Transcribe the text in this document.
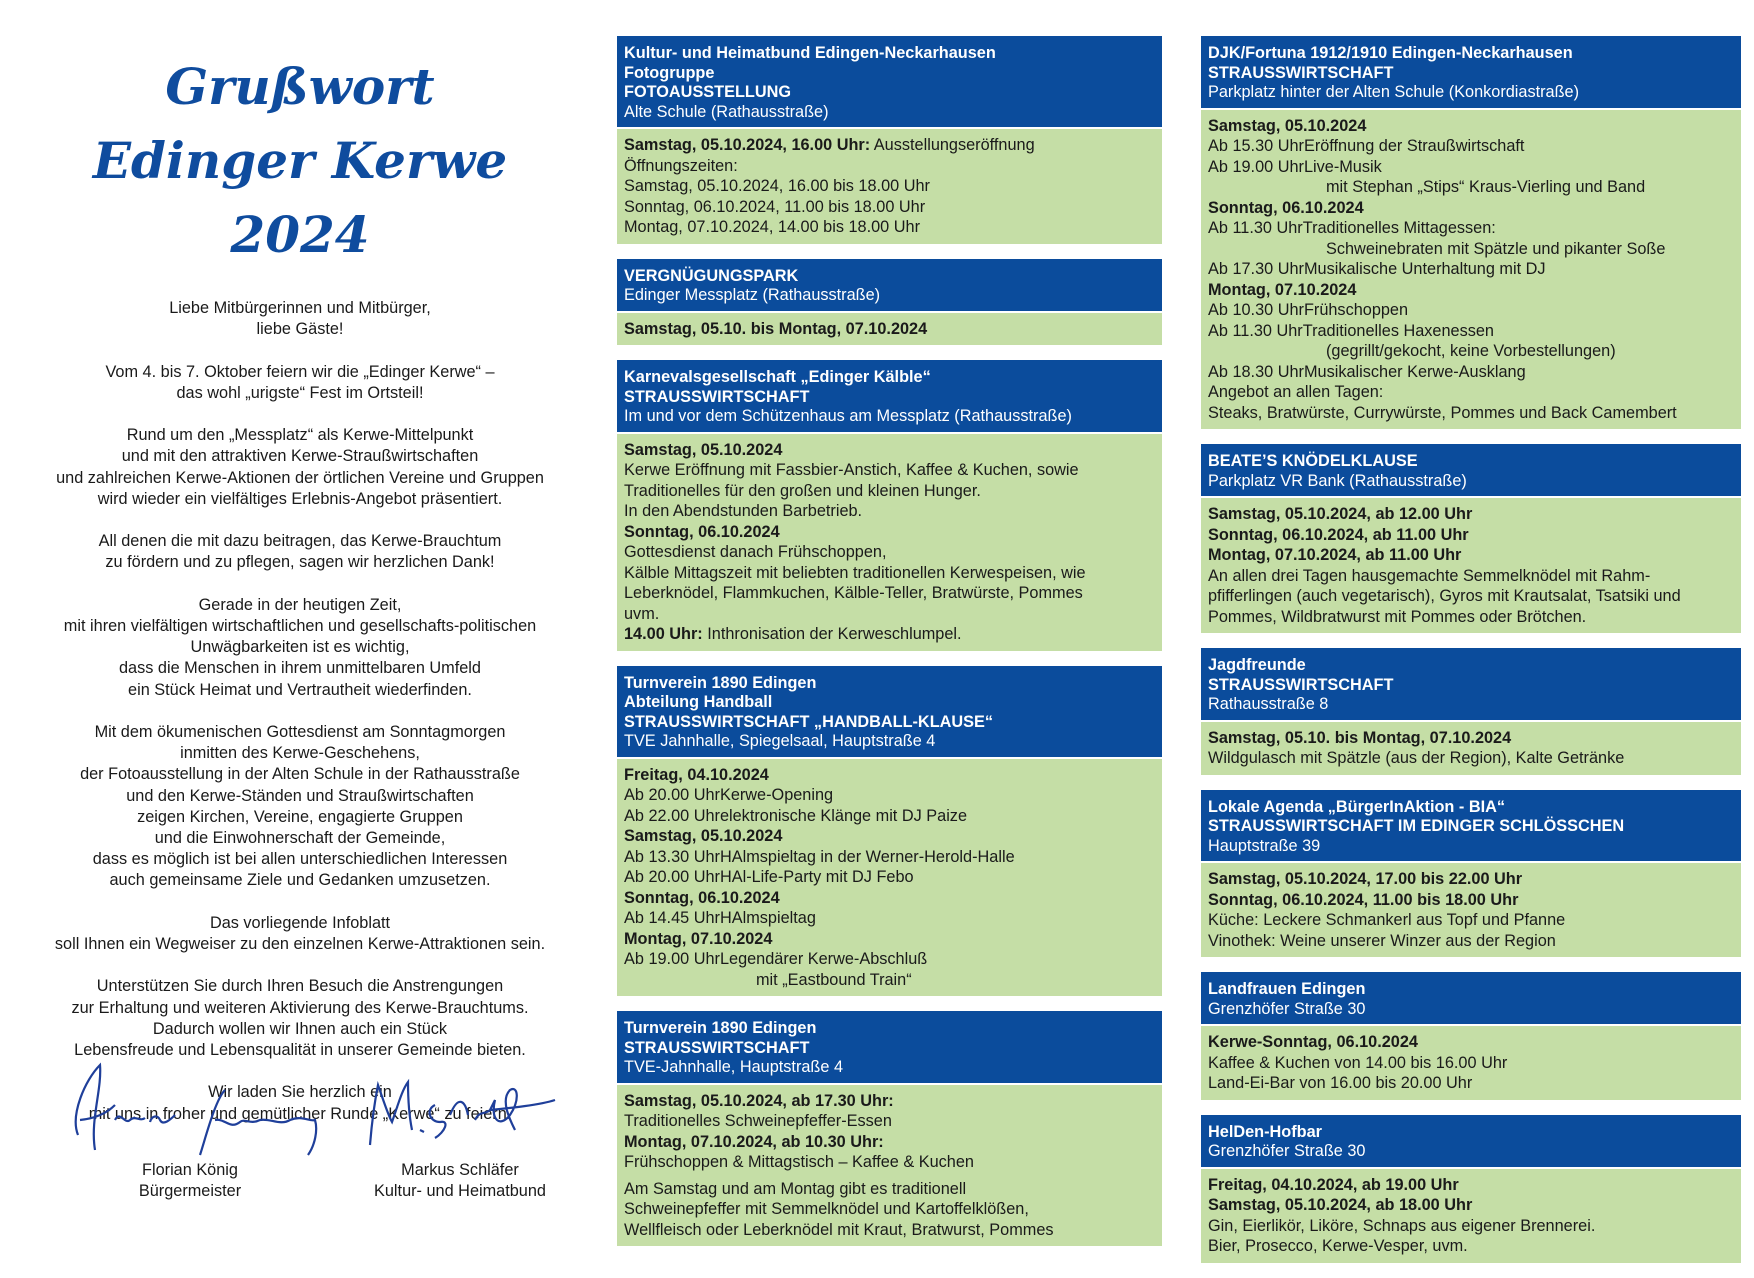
Grußwort
Edinger Kerwe 2024

Liebe Mitbürgerinnen und Mitbürger,
liebe Gäste!

Vom 4. bis 7. Oktober feiern wir die „Edinger Kerwe“ –
das wohl „urigste“ Fest im Ortsteil!

Rund um den „Messplatz“ als Kerwe-Mittelpunkt
und mit den attraktiven Kerwe-Straußwirtschaften
und zahlreichen Kerwe-Aktionen der örtlichen Vereine und Gruppen
wird wieder ein vielfältiges Erlebnis-Angebot präsentiert.

All denen die mit dazu beitragen, das Kerwe-Brauchtum
zu fördern und zu pflegen, sagen wir herzlichen Dank!

Gerade in der heutigen Zeit,
mit ihren vielfältigen wirtschaftlichen und gesellschafts-politischen
Unwägbarkeiten ist es wichtig,
dass die Menschen in ihrem unmittelbaren Umfeld
ein Stück Heimat und Vertrautheit wiederfinden.

Mit dem ökumenischen Gottesdienst am Sonntagmorgen
inmitten des Kerwe-Geschehens,
der Fotoausstellung in der Alten Schule in der Rathausstraße
und den Kerwe-Ständen und Straußwirtschaften
zeigen Kirchen, Vereine, engagierte Gruppen
und die Einwohnerschaft der Gemeinde,
dass es möglich ist bei allen unterschiedlichen Interessen
auch gemeinsame Ziele und Gedanken umzusetzen.

Das vorliegende Infoblatt
soll Ihnen ein Wegweiser zu den einzelnen Kerwe-Attraktionen sein.

Unterstützen Sie durch Ihren Besuch die Anstrengungen
zur Erhaltung und weiteren Aktivierung des Kerwe-Brauchtums.
Dadurch wollen wir Ihnen auch ein Stück
Lebensfreude und Lebensqualität in unserer Gemeinde bieten.

Wir laden Sie herzlich ein
mit uns in froher und gemütlicher Runde „Kerwe“ zu feiern.

Florian König
Bürgermeister
Markus Schläfer
Kultur- und Heimatbund
Kultur- und Heimatbund Edingen-Neckarhausen
Fotogruppe
FOTOAUSSTELLUNG
Alte Schule (Rathausstraße)
Samstag, 05.10.2024, 16.00 Uhr: Ausstellungseröffnung
Öffnungszeiten:
Samstag, 05.10.2024, 16.00 bis 18.00 Uhr
Sonntag, 06.10.2024, 11.00 bis 18.00 Uhr
Montag, 07.10.2024, 14.00 bis 18.00 Uhr
VERGNÜGUNGSPARK
Edinger Messplatz (Rathausstraße)
Samstag, 05.10. bis Montag, 07.10.2024
Karnevalsgesellschaft „Edinger Kälble“
STRAUSSWIRTSCHAFT
Im und vor dem Schützenhaus am Messplatz (Rathausstraße)
Samstag, 05.10.2024
Kerwe Eröffnung mit Fassbier-Anstich, Kaffee & Kuchen, sowie
Traditionelles für den großen und kleinen Hunger.
In den Abendstunden Barbetrieb.
Sonntag, 06.10.2024
Gottesdienst danach Frühschoppen,
Kälble Mittagszeit mit beliebten traditionellen Kerwespeisen, wie
Leberknödel, Flammkuchen, Kälble-Teller, Bratwürste, Pommes
uvm.
14.00 Uhr: Inthronisation der Kerweschlumpel.
Turnverein 1890 Edingen
Abteilung Handball
STRAUSSWIRTSCHAFT „HANDBALL-KLAUSE“
TVE Jahnhalle, Spiegelsaal, Hauptstraße 4
Freitag, 04.10.2024
Ab 20.00 UhrKerwe-Opening
Ab 22.00 Uhrelektronische Klänge mit DJ Paize
Samstag, 05.10.2024
Ab 13.30 UhrHAlmspieltag in der Werner-Herold-Halle
Ab 20.00 UhrHAl-Life-Party mit DJ Febo
Sonntag, 06.10.2024
Ab 14.45 UhrHAlmspieltag
Montag, 07.10.2024
Ab 19.00 UhrLegendärer Kerwe-Abschluß
mit „Eastbound Train“
Turnverein 1890 Edingen
STRAUSSWIRTSCHAFT
TVE-Jahnhalle, Hauptstraße 4
Samstag, 05.10.2024, ab 17.30 Uhr:
Traditionelles Schweinepfeffer-Essen
Montag, 07.10.2024, ab 10.30 Uhr:
Frühschoppen & Mittagstisch – Kaffee & Kuchen
Am Samstag und am Montag gibt es traditionell
Schweinepfeffer mit Semmelknödel und Kartoffelklößen,
Wellfleisch oder Leberknödel mit Kraut, Bratwurst, Pommes
DJK/Fortuna 1912/1910 Edingen-Neckarhausen
STRAUSSWIRTSCHAFT
Parkplatz hinter der Alten Schule (Konkordiastraße)
Samstag, 05.10.2024
Ab 15.30 UhrEröffnung der Straußwirtschaft
Ab 19.00 UhrLive-Musik
mit Stephan „Stips“ Kraus-Vierling und Band
Sonntag, 06.10.2024
Ab 11.30 UhrTraditionelles Mittagessen:
Schweinebraten mit Spätzle und pikanter Soße
Ab 17.30 UhrMusikalische Unterhaltung mit DJ
Montag, 07.10.2024
Ab 10.30 UhrFrühschoppen
Ab 11.30 UhrTraditionelles Haxenessen
(gegrillt/gekocht, keine Vorbestellungen)
Ab 18.30 UhrMusikalischer Kerwe-Ausklang
Angebot an allen Tagen:
Steaks, Bratwürste, Currywürste, Pommes und Back Camembert
BEATE’S KNÖDELKLAUSE
Parkplatz VR Bank (Rathausstraße)
Samstag, 05.10.2024, ab 12.00 Uhr
Sonntag, 06.10.2024, ab 11.00 Uhr
Montag, 07.10.2024, ab 11.00 Uhr
An allen drei Tagen hausgemachte Semmelknödel mit Rahm-
pfifferlingen (auch vegetarisch), Gyros mit Krautsalat, Tsatsiki und
Pommes, Wildbratwurst mit Pommes oder Brötchen.
Jagdfreunde
STRAUSSWIRTSCHAFT
Rathausstraße 8
Samstag, 05.10. bis Montag, 07.10.2024
Wildgulasch mit Spätzle (aus der Region), Kalte Getränke
Lokale Agenda „BürgerInAktion - BIA“
STRAUSSWIRTSCHAFT IM EDINGER SCHLÖSSCHEN
Hauptstraße 39
Samstag, 05.10.2024, 17.00 bis 22.00 Uhr
Sonntag, 06.10.2024, 11.00 bis 18.00 Uhr
Küche: Leckere Schmankerl aus Topf und Pfanne
Vinothek: Weine unserer Winzer aus der Region
Landfrauen Edingen
Grenzhöfer Straße 30
Kerwe-Sonntag, 06.10.2024
Kaffee & Kuchen von 14.00 bis 16.00 Uhr
Land-Ei-Bar von 16.00 bis 20.00 Uhr
HelDen-Hofbar
Grenzhöfer Straße 30
Freitag, 04.10.2024, ab 19.00 Uhr
Samstag, 05.10.2024, ab 18.00 Uhr
Gin, Eierlikör, Liköre, Schnaps aus eigener Brennerei.
Bier, Prosecco, Kerwe-Vesper, uvm.
